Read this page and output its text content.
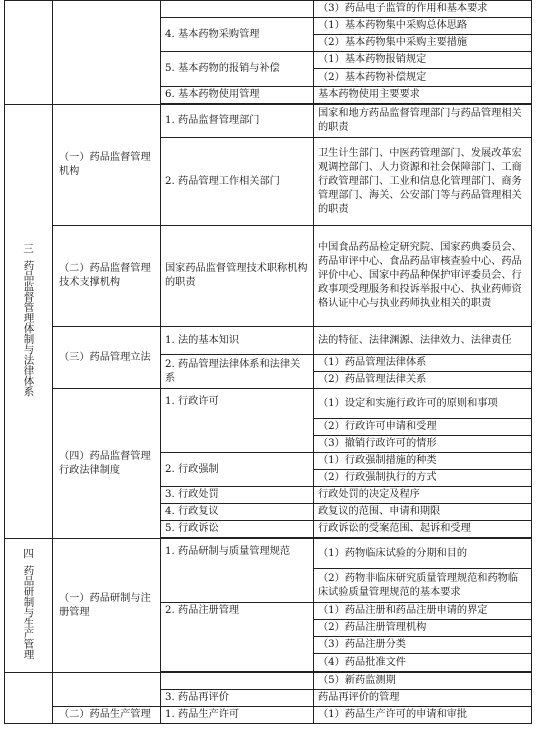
			（3）药品电子监管的作用和基本要求
		4. 基本药物采购管理	（1）基本药物集中采购总体思路
			（2）基本药物集中采购主要措施
		5. 基本药物的报销与补偿	（1）基本药物报销规定
			（2）基本药物补偿规定
		6. 基本药物使用管理	基本药物使用主要要求

三
药品监督管理体制与法律体系	（一）药品监督管理机构	1. 药品监督管理部门	国家和地方药品监督管理部门与药品管理相关的职责
		2. 药品管理工作相关部门	卫生计生部门、中医药管理部门、发展改革宏观调控部门、人力资源和社会保障部门、工商行政管理部门、工业和信息化管理部门、商务管理部门、海关、公安部门等与药品管理相关的职责
	（二）药品监督管理技术支撑机构	国家药品监督管理技术职称机构的职责	中国食品药品检定研究院、国家药典委员会、药品审评中心、食品药品审核查验中心、药品评价中心、国家中药品种保护审评委员会、行政事项受理服务和投诉举报中心、执业药师资格认证中心与执业药师执业相关的职责
	（三）药品管理立法	1. 法的基本知识	法的特征、法律渊源、法律效力、法律责任
		2. 药品管理法律体系和法律关系	（1）药品管理法律体系
			（2）药品管理法律关系
	（四）药品监督管理行政法律制度	1. 行政许可	（1）设定和实施行政许可的原则和事项
			（2）行政许可申请和受理
			（3）撤销行政许可的情形
		2. 行政强制	（1）行政强制措施的种类
			（2）行政强制执行的方式
		3. 行政处罚	行政处罚的决定及程序
		4. 行政复议	政复议的范围、申请和期限
		5. 行政诉讼	行政诉讼的受案范围、起诉和受理

四
药品研制与生产管理	（一）药品研制与注册管理	1. 药品研制与质量管理规范	（1）药物临床试验的分期和目的
			（2）药物非临床研究质量管理规范和药物临床试验质量管理规范的基本要求
		2. 药品注册管理	（1）药品注册和药品注册申请的界定
			（2）药品注册管理机构
			（3）药品注册分类
			（4）药品批准文件

			（5）新药监测期
		3. 药品再评价	药品再评价的管理
	（二）药品生产管理	1. 药品生产许可	（1）药品生产许可的申请和审批
